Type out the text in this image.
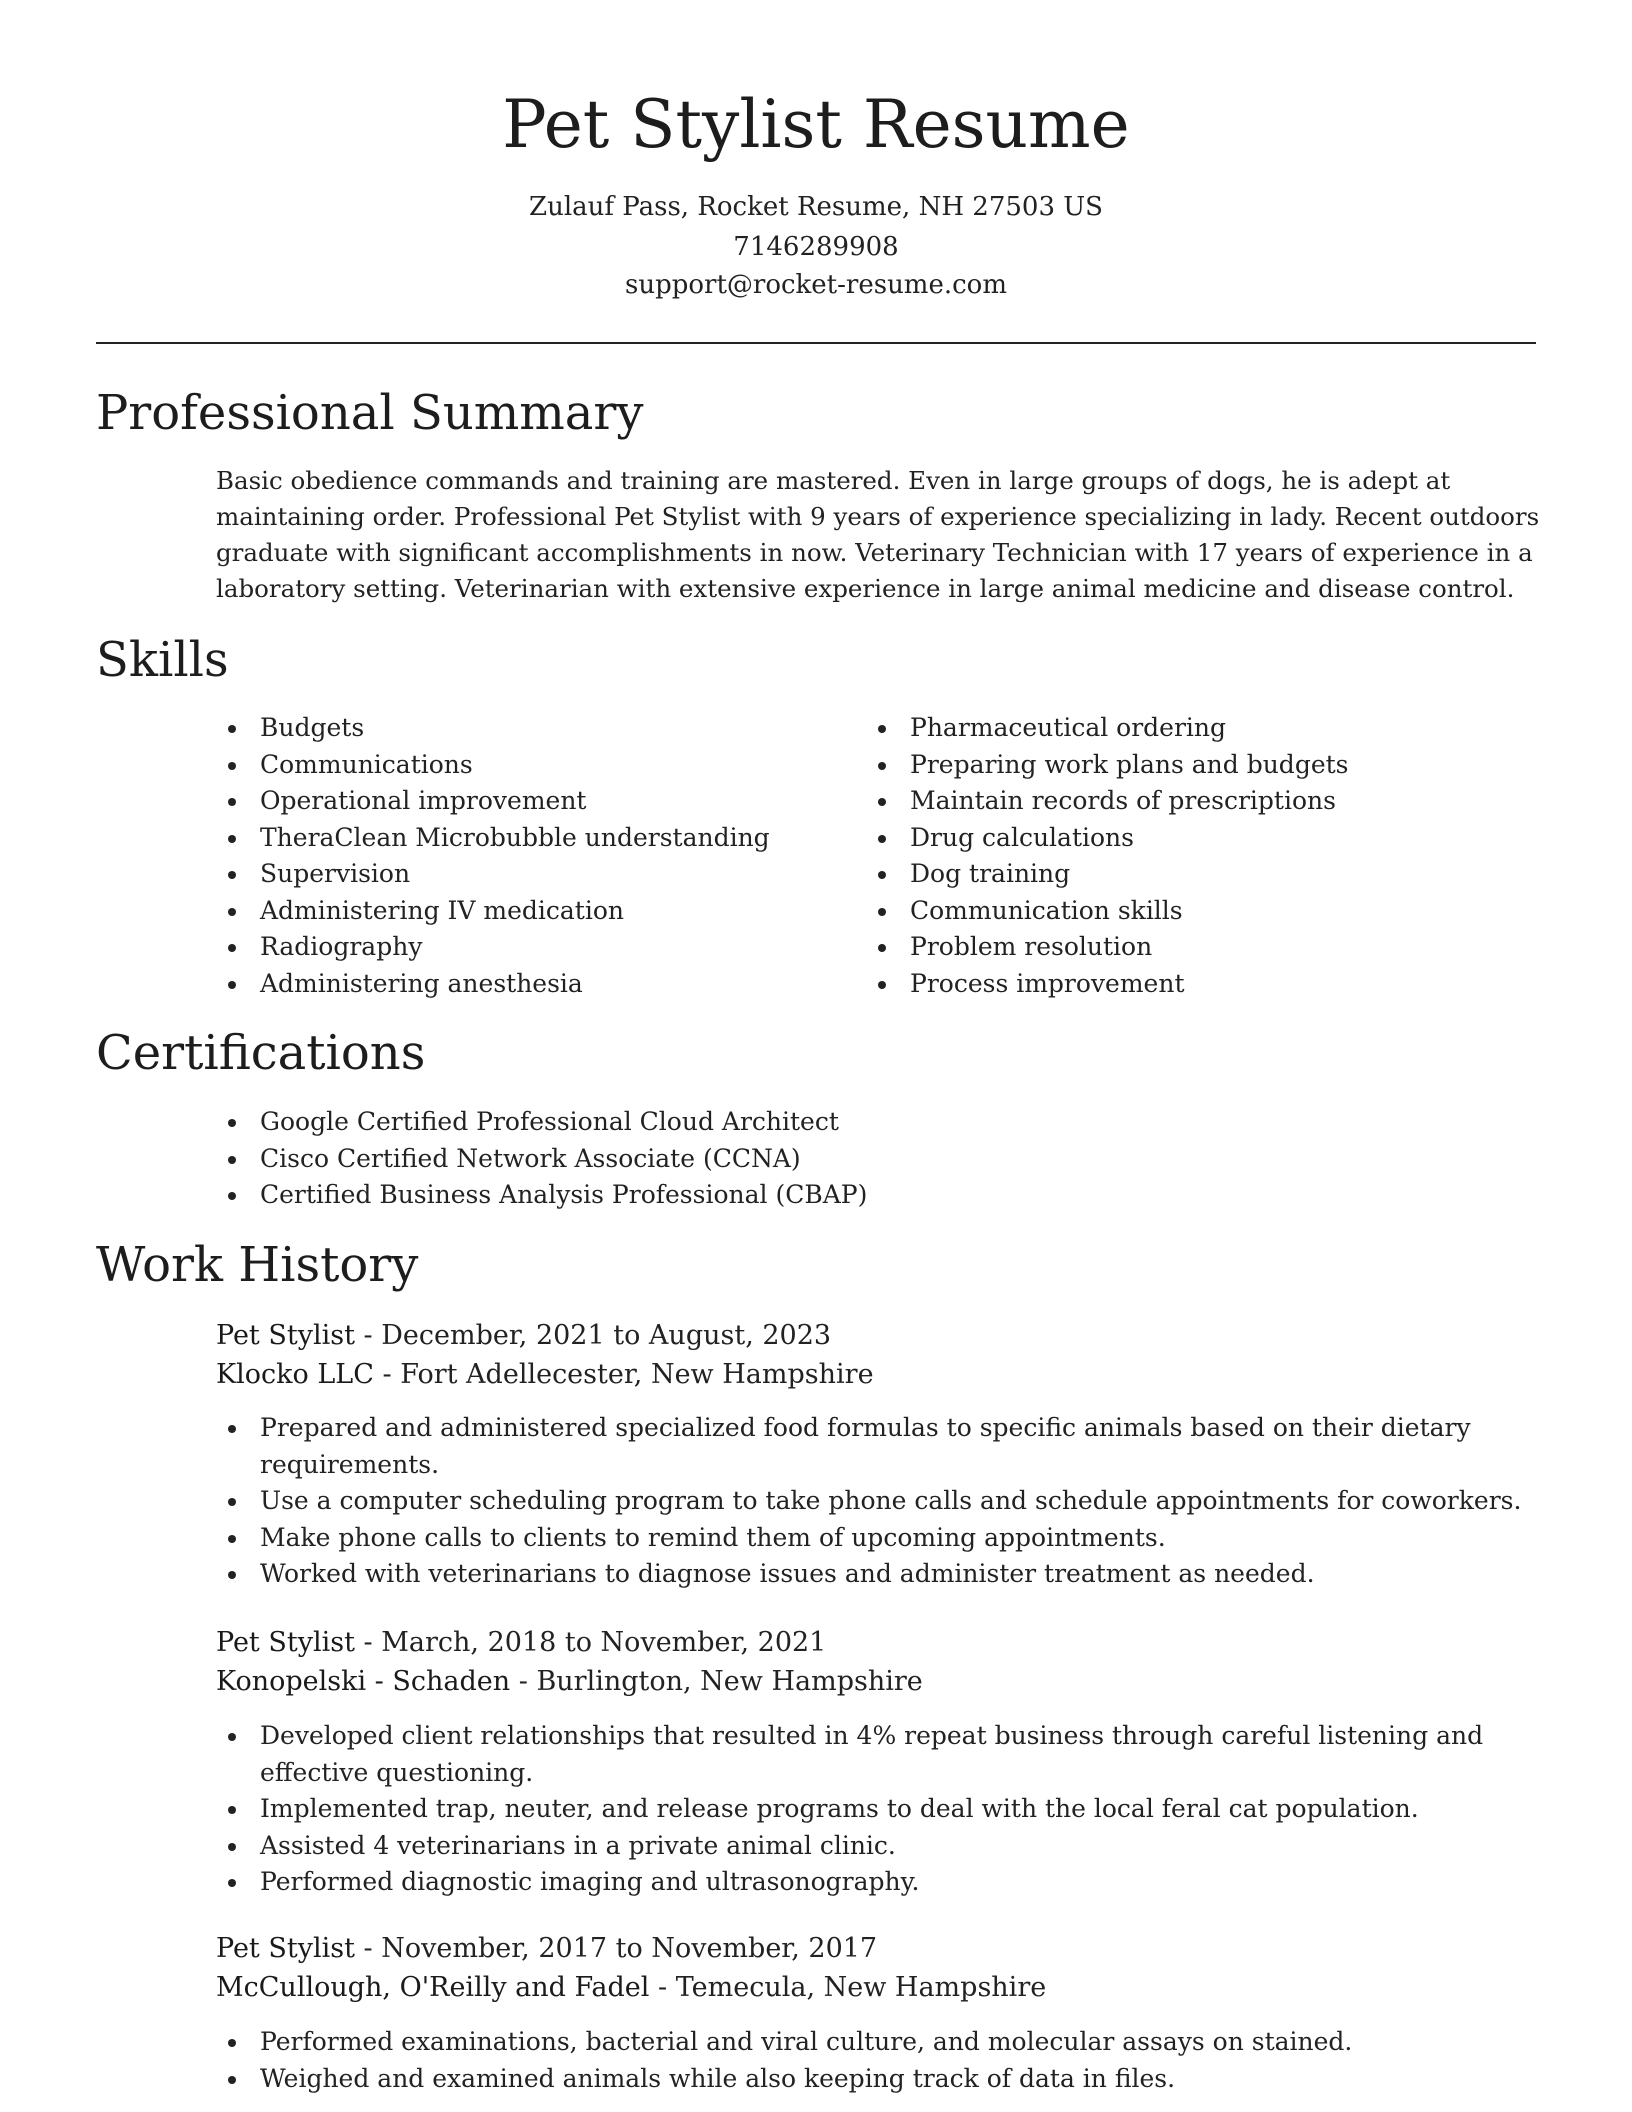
Pet Stylist Resume
Zulauf Pass, Rocket Resume, NH 27503 US
7146289908
support@rocket-resume.com
Professional Summary

Basic obedience commands and training are mastered. Even in large groups of dogs, he is adept at maintaining order. Professional Pet Stylist with 9 years of experience specializing in lady. Recent outdoors graduate with significant accomplishments in now. Veterinary Technician with 17 years of experience in a laboratory setting. Veterinarian with extensive experience in large animal medicine and disease control.

Skills
Budgets
Communications
Operational improvement
TheraClean Microbubble understanding
Supervision
Administering IV medication
Radiography
Administering anesthesia
Pharmaceutical ordering
Preparing work plans and budgets
Maintain records of prescriptions
Drug calculations
Dog training
Communication skills
Problem resolution
Process improvement
Certifications
Google Certified Professional Cloud Architect
Cisco Certified Network Associate (CCNA)
Certified Business Analysis Professional (CBAP)
Work History
Pet Stylist - December, 2021 to August, 2023
Klocko LLC - Fort Adellecester, New Hampshire
Prepared and administered specialized food formulas to specific animals based on their dietary requirements.
Use a computer scheduling program to take phone calls and schedule appointments for coworkers.
Make phone calls to clients to remind them of upcoming appointments.
Worked with veterinarians to diagnose issues and administer treatment as needed.
Pet Stylist - March, 2018 to November, 2021
Konopelski - Schaden - Burlington, New Hampshire
Developed client relationships that resulted in 4% repeat business through careful listening and effective questioning.
Implemented trap, neuter, and release programs to deal with the local feral cat population.
Assisted 4 veterinarians in a private animal clinic.
Performed diagnostic imaging and ultrasonography.
Pet Stylist - November, 2017 to November, 2017
McCullough, O'Reilly and Fadel - Temecula, New Hampshire
Performed examinations, bacterial and viral culture, and molecular assays on stained.
Weighed and examined animals while also keeping track of data in files.
